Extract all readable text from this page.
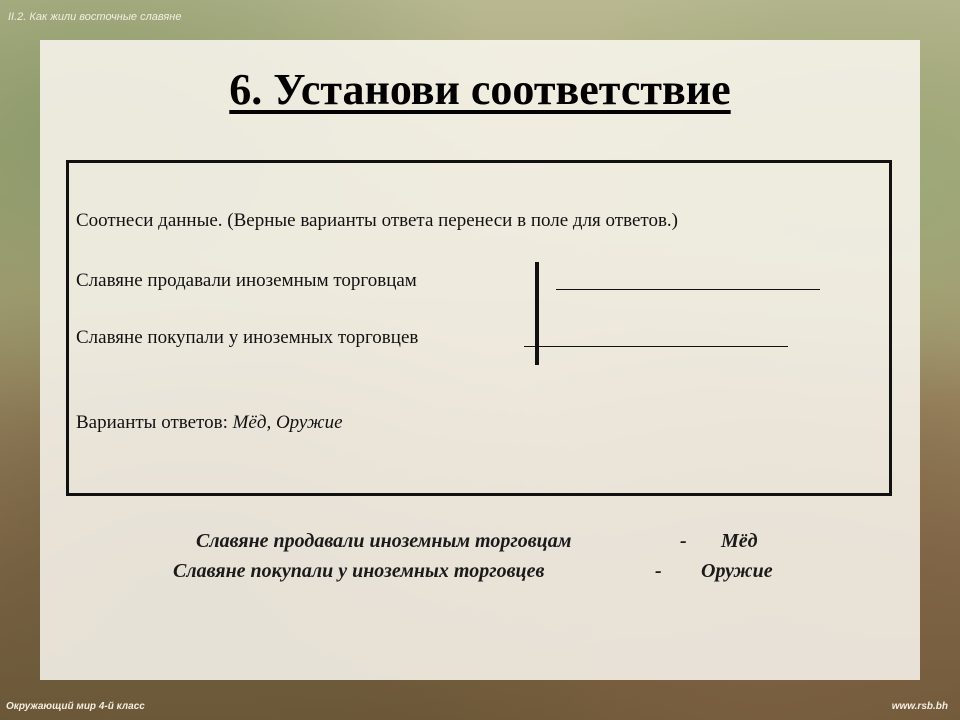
II.2. Как жили восточные славяне
6. Установи соответствие
Соотнеси данные. (Верные варианты ответа перенеси в поле для ответов.)
Славяне продавали иноземным торговцам
Славяне покупали у иноземных торговцев
Варианты ответов: Мёд, Оружие
Славяне продавали иноземным торговцам	- Мёд
Славяне покупали у иноземных торговцев	- Оружие
Окружающий мир 4-й класс	www.rsb.bh
